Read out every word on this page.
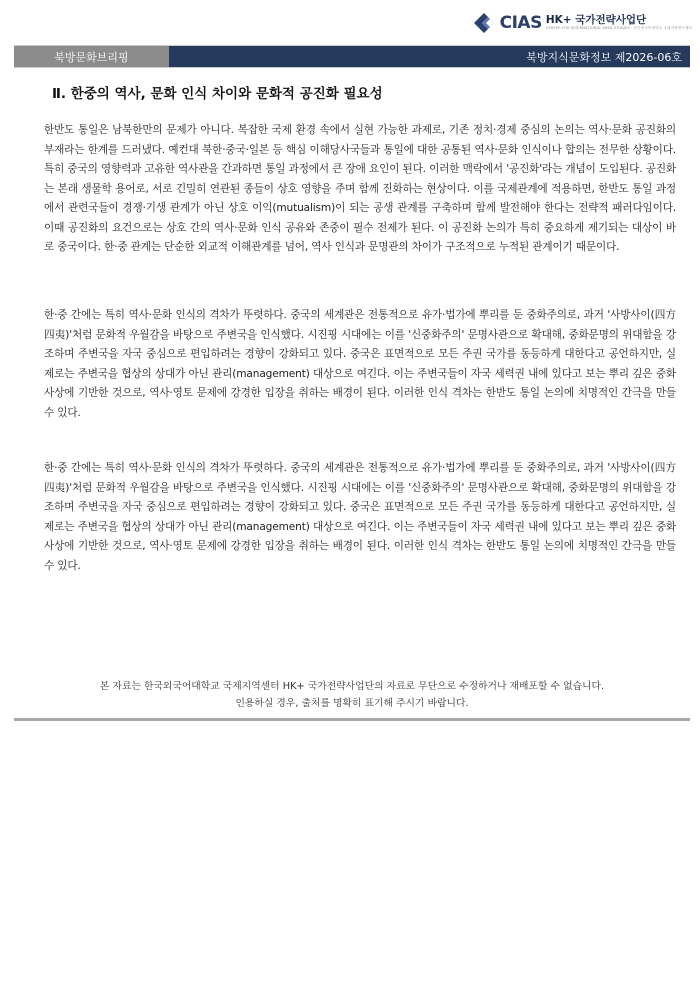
CIAS HK+ 국가전략사업단
CENTER FOR INTERNATIONAL AREA STUDIES · 한국외국어대학교 국제지역연구센터
북방문화브리핑	북방지식문화정보 제2026-06호
Ⅱ. 한중의 역사, 문화 인식 차이와 문화적 공진화 필요성

한반도 통일은 남북한만의 문제가 아니다. 복잡한 국제 환경 속에서 실현 가능한 과제로, 기존 정치·경제 중심의 논의는 역사·문화 공진화의 부재라는 한계를 드러냈다. 예컨대 북한·중국·일본 등 핵심 이해당사국들과 통일에 대한 공통된 역사·문화 인식이나 합의는 전무한 상황이다. 특히 중국의 영향력과 고유한 역사관을 간과하면 통일 과정에서 큰 장애 요인이 된다. 이러한 맥락에서 '공진화'라는 개념이 도입된다. 공진화는 본래 생물학 용어로, 서로 긴밀히 연관된 종들이 상호 영향을 주며 함께 진화하는 현상이다. 이를 국제관계에 적용하면, 한반도 통일 과정에서 관련국들이 경쟁·기생 관계가 아닌 상호 이익(mutualism)이 되는 공생 관계를 구축하며 함께 발전해야 한다는 전략적 패러다임이다. 이때 공진화의 요건으로는 상호 간의 역사·문화 인식 공유와 존중이 필수 전제가 된다. 이 공진화 논의가 특히 중요하게 제기되는 대상이 바로 중국이다. 한·중 관계는 단순한 외교적 이해관계를 넘어, 역사 인식과 문명관의 차이가 구조적으로 누적된 관계이기 때문이다.

한·중 간에는 특히 역사·문화 인식의 격차가 뚜렷하다. 중국의 세계관은 전통적으로 유가·법가에 뿌리를 둔 중화주의로, 과거 '사방사이(四方四夷)'처럼 문화적 우월감을 바탕으로 주변국을 인식했다. 시진핑 시대에는 이를 '신중화주의' 문명사관으로 확대해, 중화문명의 위대함을 강조하며 주변국을 자국 중심으로 편입하려는 경향이 강화되고 있다. 중국은 표면적으로 모든 주권 국가를 동등하게 대한다고 공언하지만, 실제로는 주변국을 협상의 상대가 아닌 관리(management) 대상으로 여긴다. 이는 주변국들이 자국 세력권 내에 있다고 보는 뿌리 깊은 중화사상에 기반한 것으로, 역사·영토 문제에 강경한 입장을 취하는 배경이 된다. 이러한 인식 격차는 한반도 통일 논의에 치명적인 간극을 만들 수 있다.

한·중 간에는 특히 역사·문화 인식의 격차가 뚜렷하다. 중국의 세계관은 전통적으로 유가·법가에 뿌리를 둔 중화주의로, 과거 '사방사이(四方四夷)'처럼 문화적 우월감을 바탕으로 주변국을 인식했다. 시진핑 시대에는 이를 '신중화주의' 문명사관으로 확대해, 중화문명의 위대함을 강조하며 주변국을 자국 중심으로 편입하려는 경향이 강화되고 있다. 중국은 표면적으로 모든 주권 국가를 동등하게 대한다고 공언하지만, 실제로는 주변국을 협상의 상대가 아닌 관리(management) 대상으로 여긴다. 이는 주변국들이 자국 세력권 내에 있다고 보는 뿌리 깊은 중화사상에 기반한 것으로, 역사·영토 문제에 강경한 입장을 취하는 배경이 된다. 이러한 인식 격차는 한반도 통일 논의에 치명적인 간극을 만들 수 있다.

본 자료는 한국외국어대학교 국제지역센터 HK+ 국가전략사업단의 자료로 무단으로 수정하거나 재배포할 수 없습니다.
인용하실 경우, 출처를 명확히 표기해 주시기 바랍니다.
